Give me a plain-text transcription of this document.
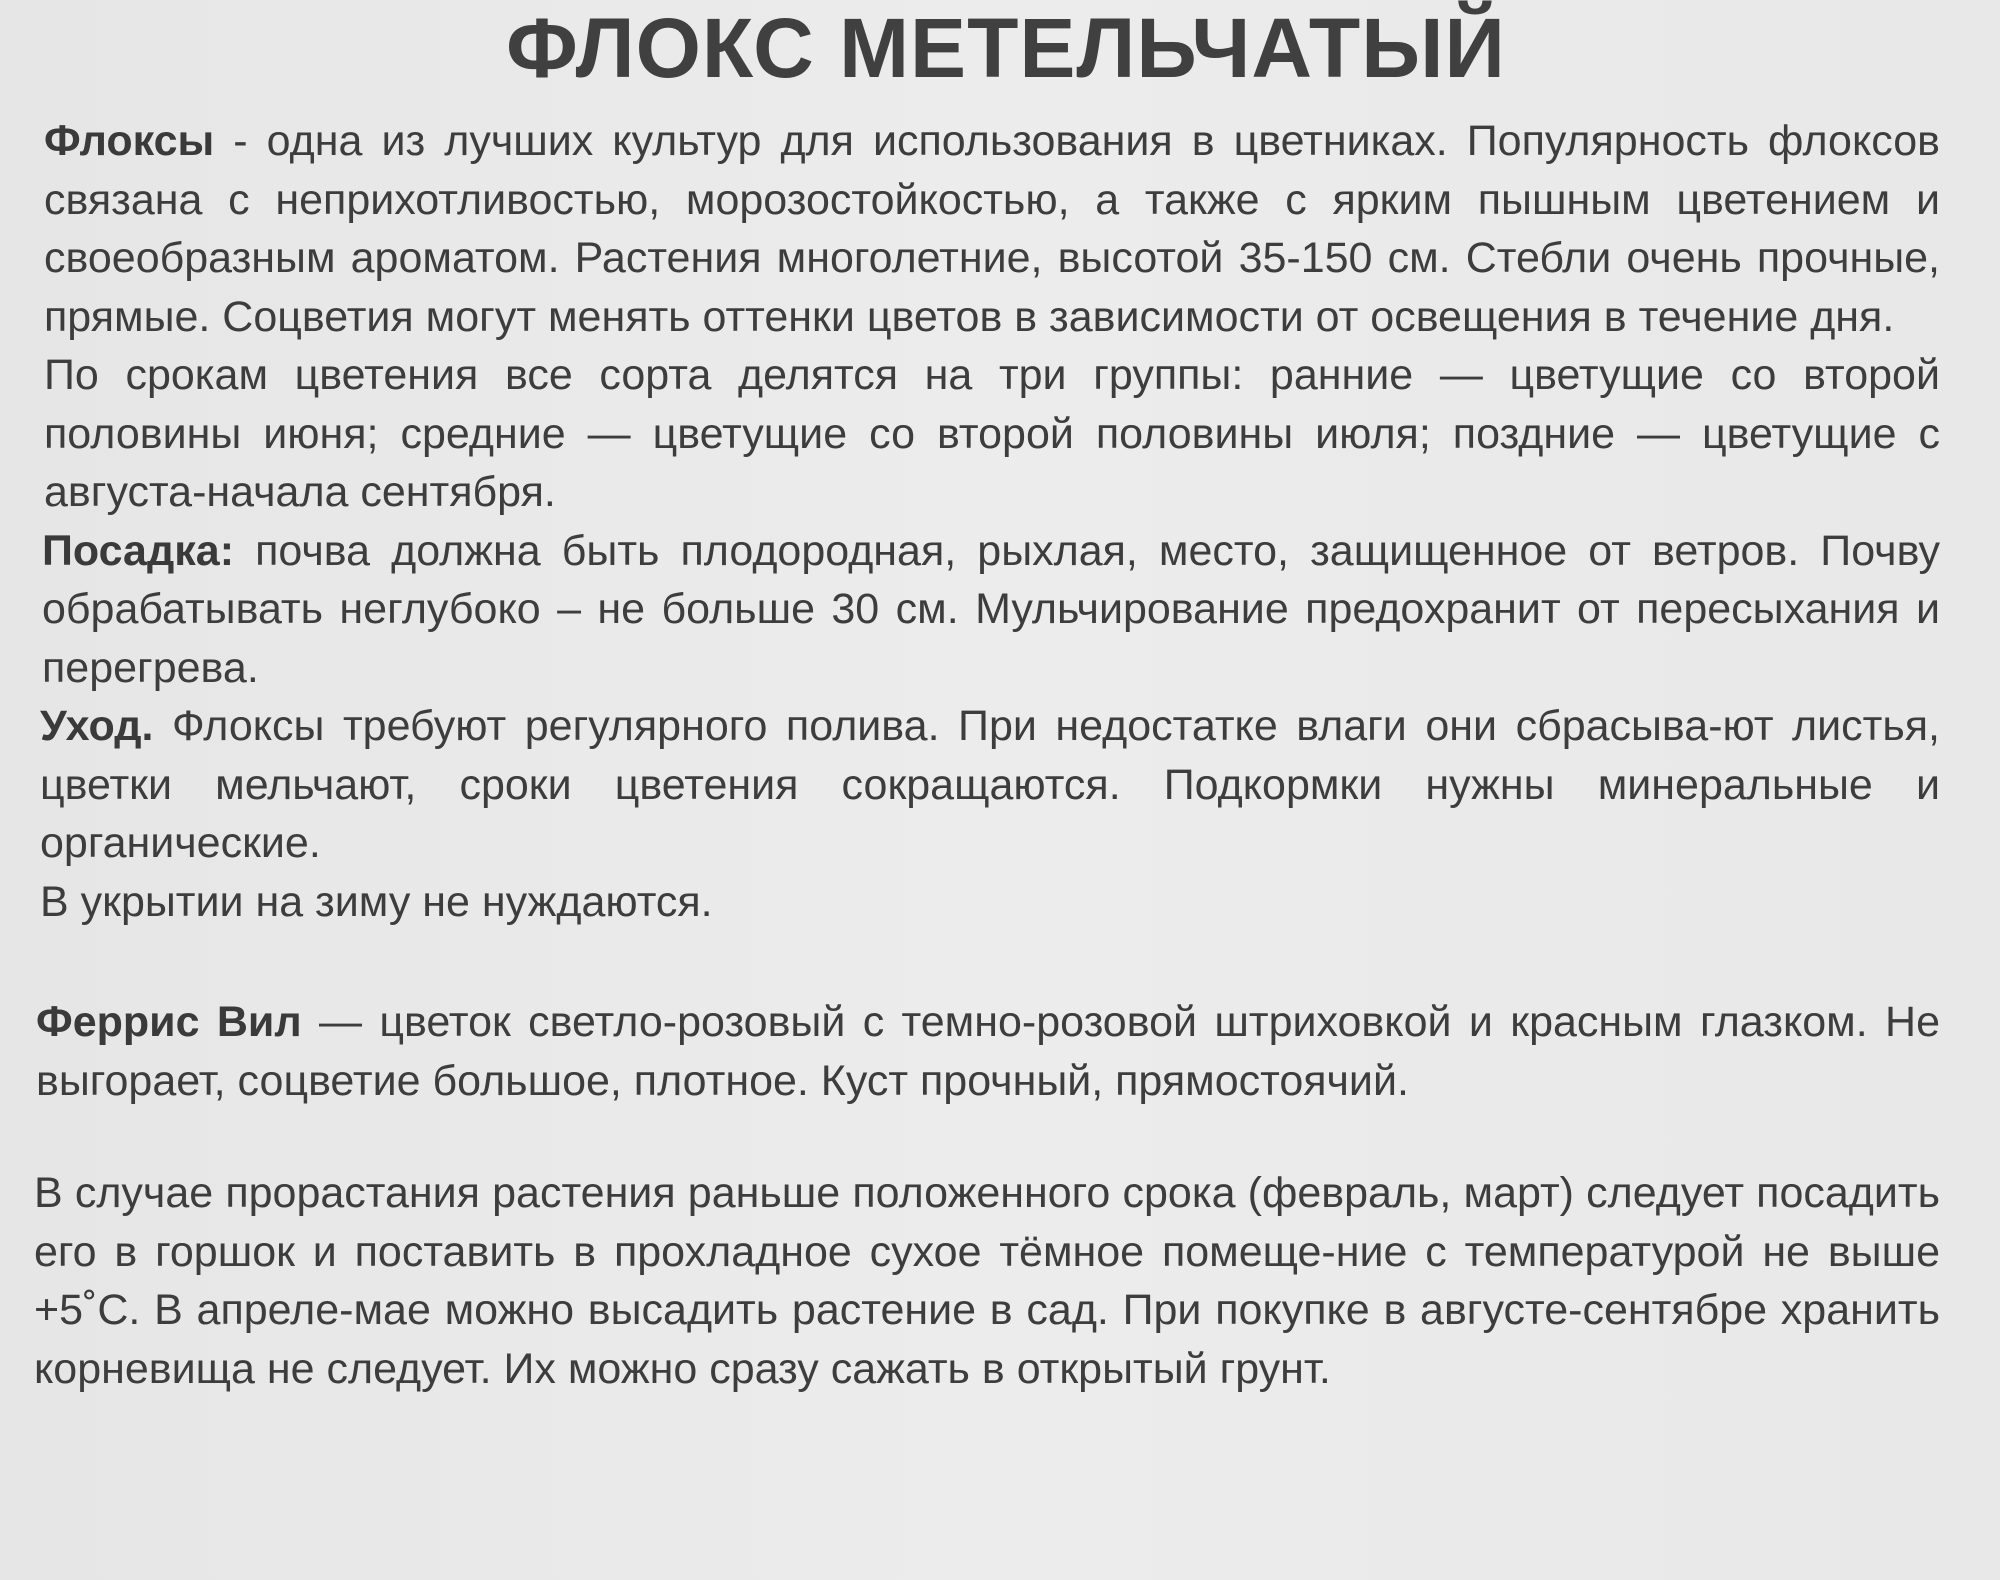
ФЛОКС МЕТЕЛЬЧАТЫЙ

Флоксы - одна из лучших культур для использования в цветниках. Популярность флоксов связана с неприхотливостью, морозостойкостью, а также с ярким пышным цветением и своеобразным ароматом. Растения многолетние, высотой 35-150 см. Стебли очень прочные, прямые. Соцветия могут менять оттенки цветов в зависимости от освещения в течение дня.

По срокам цветения все сорта делятся на три группы: ранние — цветущие со второй половины июня; средние — цветущие со второй половины июля; поздние — цветущие с августа-начала сентября.

Посадка: почва должна быть плодородная, рыхлая, место, защищенное от ветров. Почву обрабатывать неглубоко – не больше 30 см. Мульчирование предохранит от пересыхания и перегрева.

Уход. Флоксы требуют регулярного полива. При недостатке влаги они сбрасыва-ют листья, цветки мельчают, сроки цветения сокращаются. Подкормки нужны минеральные и органические.

В укрытии на зиму не нуждаются.

Феррис Вил — цветок светло-розовый с темно-розовой штриховкой и красным глазком. Не выгорает, соцветие большое, плотное. Куст прочный, прямостоячий.

В случае прорастания растения раньше положенного срока (февраль, март) следует посадить его в горшок и поставить в прохладное сухое тёмное помеще-ние с температурой не выше +5˚С. В апреле-мае можно высадить растение в сад. При покупке в августе-сентябре хранить корневища не следует. Их можно сразу сажать в открытый грунт.
